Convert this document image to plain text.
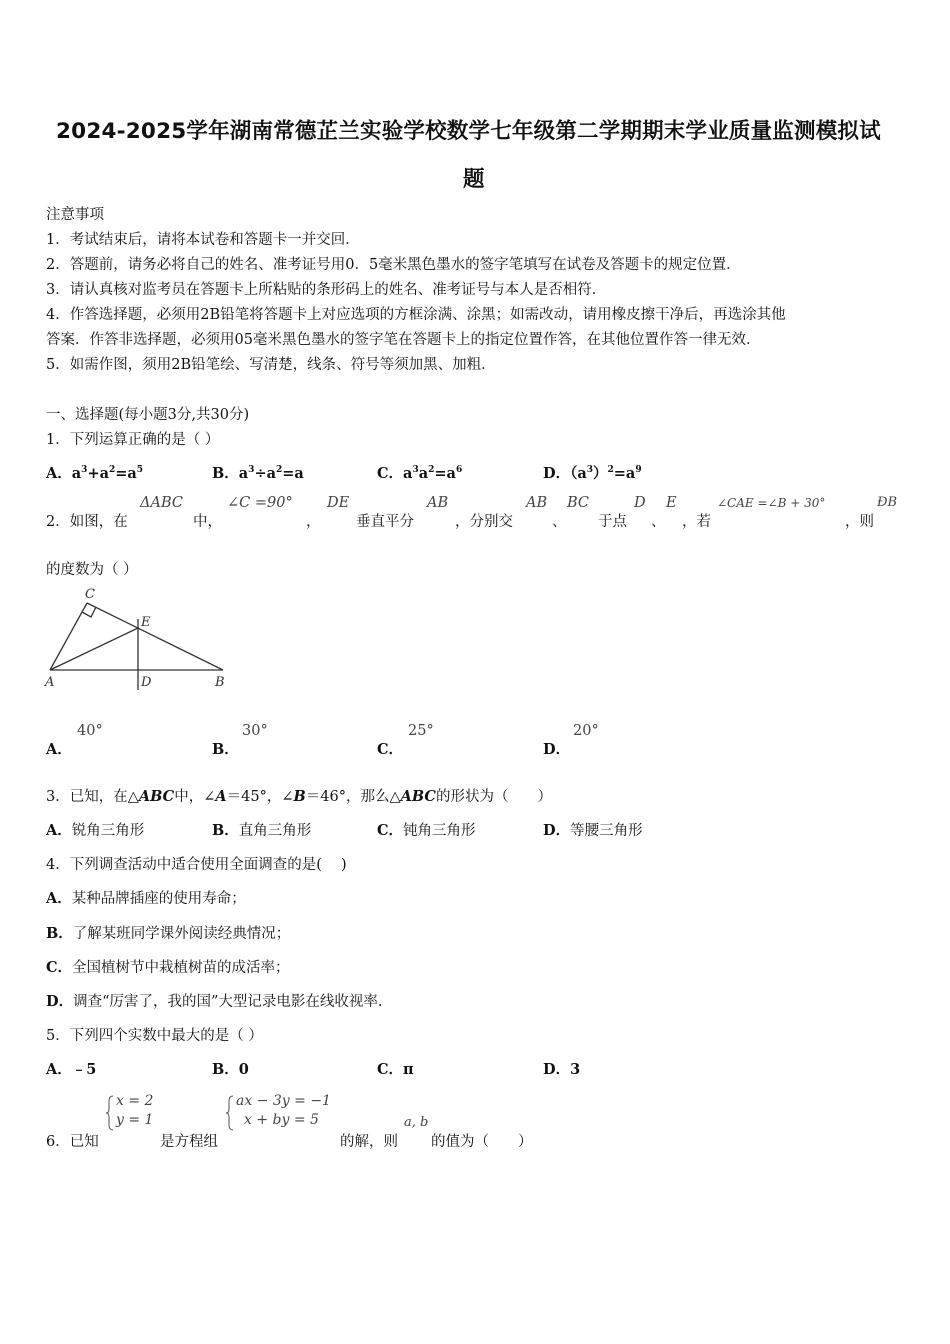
2024-2025学年湖南常德芷兰实验学校数学七年级第二学期期末学业质量监测模拟试
题
注意事项
1．考试结束后，请将本试卷和答题卡一并交回．
2．答题前，请务必将自己的姓名、准考证号用0．5毫米黑色墨水的签字笔填写在试卷及答题卡的规定位置．
3．请认真核对监考员在答题卡上所粘贴的条形码上的姓名、准考证号与本人是否相符．
4．作答选择题，必须用2B铅笔将答题卡上对应选项的方框涂满、涂黑；如需改动，请用橡皮擦干净后，再选涂其他
答案．作答非选择题，必须用05毫米黑色墨水的签字笔在答题卡上的指定位置作答，在其他位置作答一律无效．
5．如需作图，须用2B铅笔绘、写清楚，线条、符号等须加黑、加粗．
一、选择题(每小题3分,共30分)
1．下列运算正确的是（ ）
A．$a^3+a^2=a^5$	B．$a^3\div a^2=a$	C．$a^3a^2=a^6$	D．$(a^3)^2=a^9$
2．如图，在
ΔABC
中，
∠C =90°
，
DE
垂直平分
AB
，分别交
AB
、
BC
于点
D
、
E
，若
∠CAE =∠B + 30°
，则
ÐB
的度数为（ ）
C
E
A	D	B
A．
40°
B．
30°
C．
25°
D．
20°
3．已知，在△ABC中，∠A＝45°，∠B＝46°，那么△ABC的形状为（　　）
A．锐角三角形	B．直角三角形	C．钝角三角形	D．等腰三角形
4．下列调查活动中适合使用全面调查的是(　 )
A．某种品牌插座的使用寿命；
B．了解某班同学课外阅读经典情况；
C．全国植树节中栽植树苗的成活率；
D．调查“厉害了，我的国”大型记录电影在线收视率.
5．下列四个实数中最大的是（ ）
A．﹣5	B．0	C．π	D．3
6．已知
x = 2
y = 1
是方程组
ax − 3y = −1
x + by = 5
的解，则
a, b
的值为（　　）
